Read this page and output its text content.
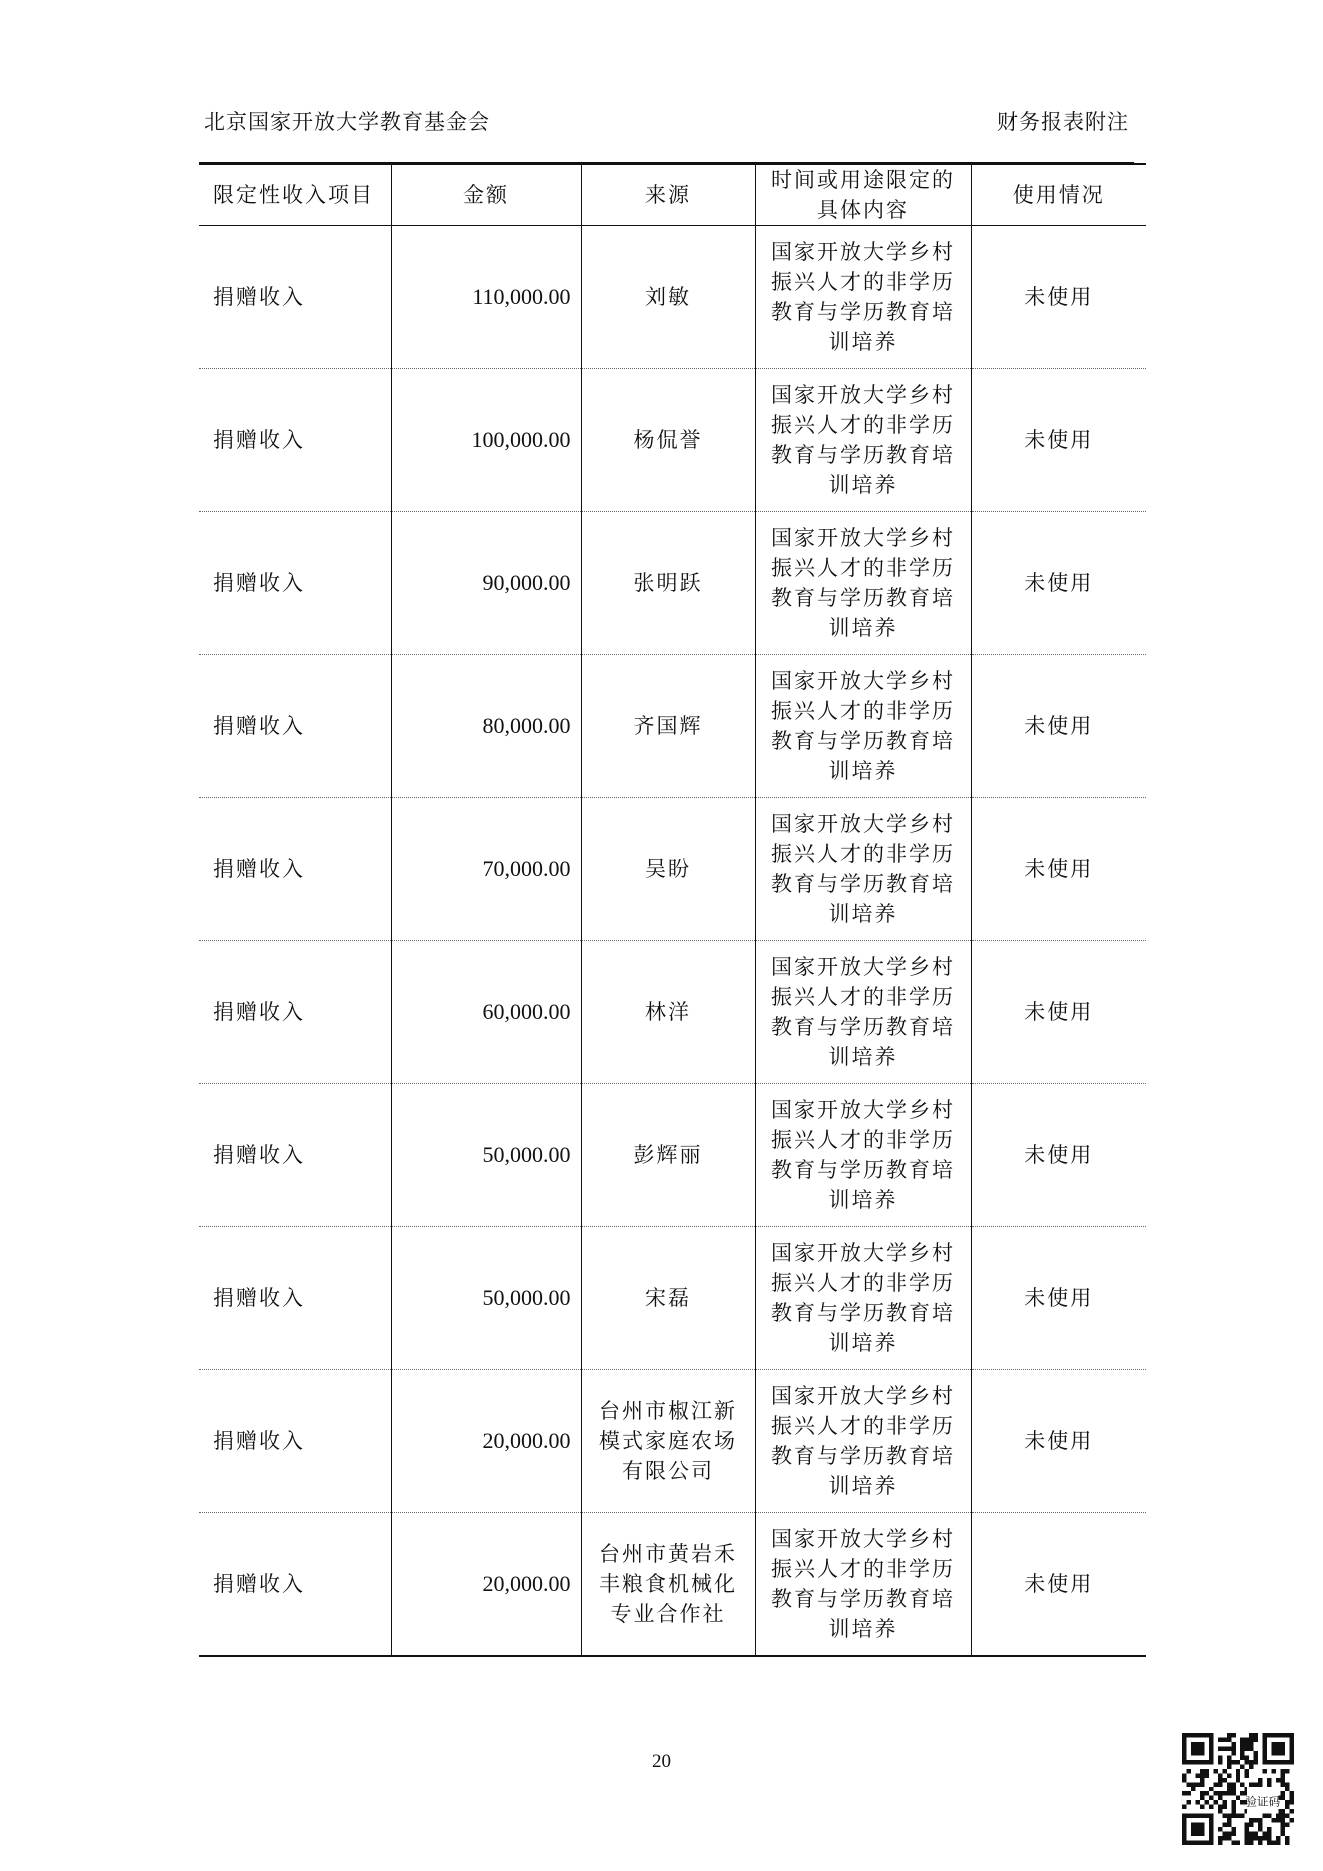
北京国家开放大学教育基金会	财务报表附注
限定性收入项目	金额	来源	时间或用途限定的具体内容	使用情况
捐赠收入	110,000.00	刘敏	国家开放大学乡村振兴人才的非学历教育与学历教育培训培养	未使用
捐赠收入	100,000.00	杨侃誉	国家开放大学乡村振兴人才的非学历教育与学历教育培训培养	未使用
捐赠收入	90,000.00	张明跃	国家开放大学乡村振兴人才的非学历教育与学历教育培训培养	未使用
捐赠收入	80,000.00	齐国辉	国家开放大学乡村振兴人才的非学历教育与学历教育培训培养	未使用
捐赠收入	70,000.00	吴盼	国家开放大学乡村振兴人才的非学历教育与学历教育培训培养	未使用
捐赠收入	60,000.00	林洋	国家开放大学乡村振兴人才的非学历教育与学历教育培训培养	未使用
捐赠收入	50,000.00	彭辉丽	国家开放大学乡村振兴人才的非学历教育与学历教育培训培养	未使用
捐赠收入	50,000.00	宋磊	国家开放大学乡村振兴人才的非学历教育与学历教育培训培养	未使用
捐赠收入	20,000.00	台州市椒江新模式家庭农场有限公司	国家开放大学乡村振兴人才的非学历教育与学历教育培训培养	未使用
捐赠收入	20,000.00	台州市黄岩禾丰粮食机械化专业合作社	国家开放大学乡村振兴人才的非学历教育与学历教育培训培养	未使用
20
验证码
